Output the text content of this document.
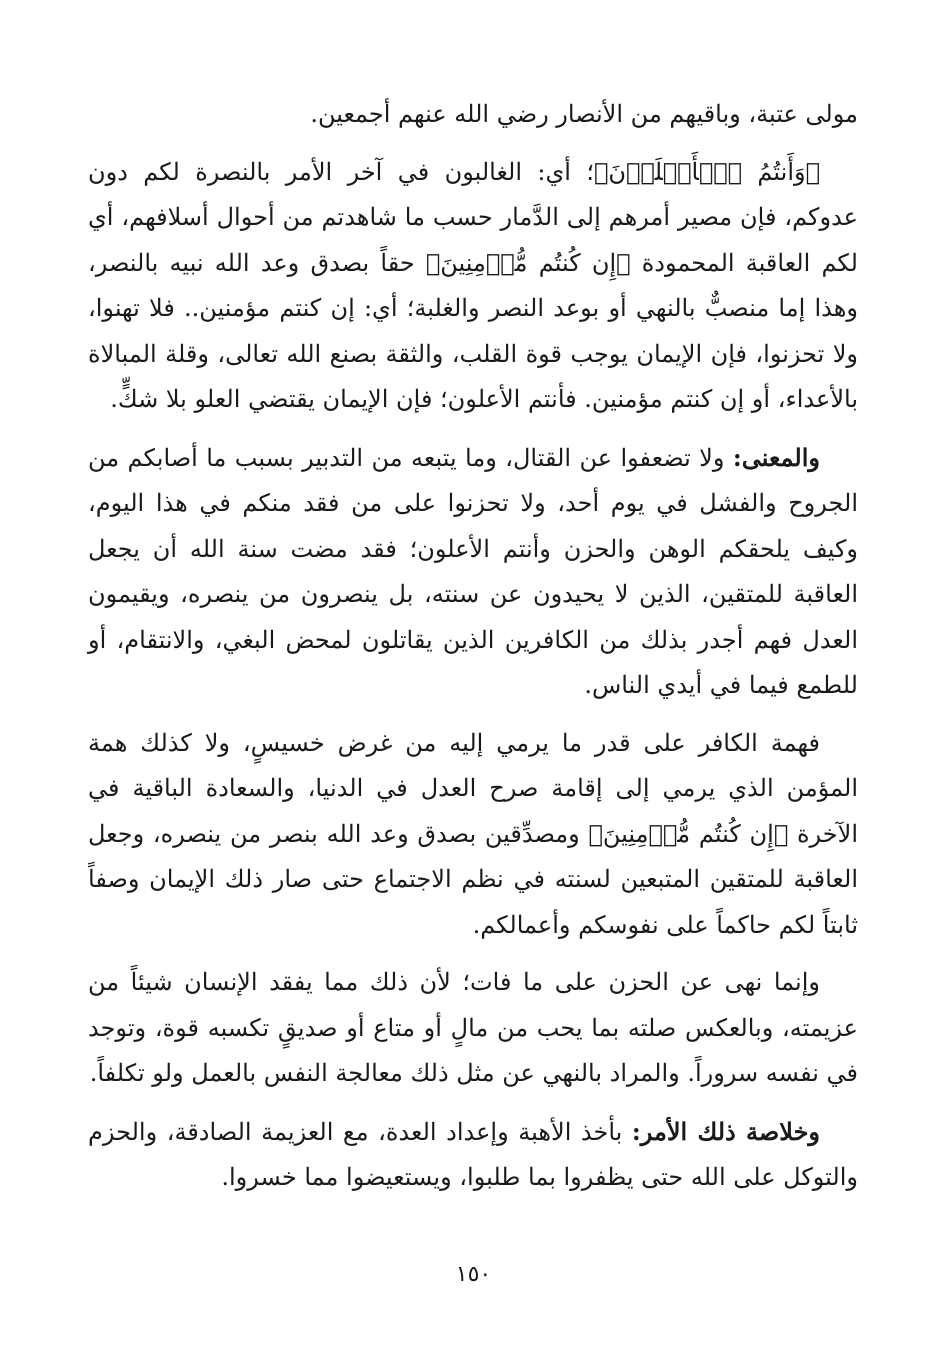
مولى عتبة، وباقيهم من الأنصار رضي الله عنهم أجمعين.

﴿وَأَنتُمُ ٱلۡأَعۡلَوۡنَ﴾؛ أي: الغالبون في آخر الأمر بالنصرة لكم دون عدوكم، فإن مصير أمرهم إلى الدَّمار حسب ما شاهدتم من أحوال أسلافهم، أي لكم العاقبة المحمودة ﴿إِن كُنتُم مُّؤۡمِنِينَ﴾ حقاً بصدق وعد الله نبيه بالنصر، وهذا إما منصبٌّ بالنهي أو بوعد النصر والغلبة؛ أي: إن كنتم مؤمنين.. فلا تهنوا، ولا تحزنوا، فإن الإيمان يوجب قوة القلب، والثقة بصنع الله تعالى، وقلة المبالاة بالأعداء، أو إن كنتم مؤمنين. فأنتم الأعلون؛ فإن الإيمان يقتضي العلو بلا شكٍّ.

والمعنى: ولا تضعفوا عن القتال، وما يتبعه من التدبير بسبب ما أصابكم من الجروح والفشل في يوم أحد، ولا تحزنوا على من فقد منكم في هذا اليوم، وكيف يلحقكم الوهن والحزن وأنتم الأعلون؛ فقد مضت سنة الله أن يجعل العاقبة للمتقين، الذين لا يحيدون عن سنته، بل ينصرون من ينصره، ويقيمون العدل فهم أجدر بذلك من الكافرين الذين يقاتلون لمحض البغي، والانتقام، أو للطمع فيما في أيدي الناس.

فهمة الكافر على قدر ما يرمي إليه من غرض خسيسٍ، ولا كذلك همة المؤمن الذي يرمي إلى إقامة صرح العدل في الدنيا، والسعادة الباقية في الآخرة ﴿إِن كُنتُم مُّؤۡمِنِينَ﴾ ومصدِّقين بصدق وعد الله بنصر من ينصره، وجعل العاقبة للمتقين المتبعين لسنته في نظم الاجتماع حتى صار ذلك الإيمان وصفاً ثابتاً لكم حاكماً على نفوسكم وأعمالكم.

وإنما نهى عن الحزن على ما فات؛ لأن ذلك مما يفقد الإنسان شيئاً من عزيمته، وبالعكس صلته بما يحب من مالٍ أو متاع أو صديقٍ تكسبه قوة، وتوجد في نفسه سروراً. والمراد بالنهي عن مثل ذلك معالجة النفس بالعمل ولو تكلفاً.

وخلاصة ذلك الأمر: بأخذ الأهبة وإعداد العدة، مع العزيمة الصادقة، والحزم والتوكل على الله حتى يظفروا بما طلبوا، ويستعيضوا مما خسروا.

١٥٠
